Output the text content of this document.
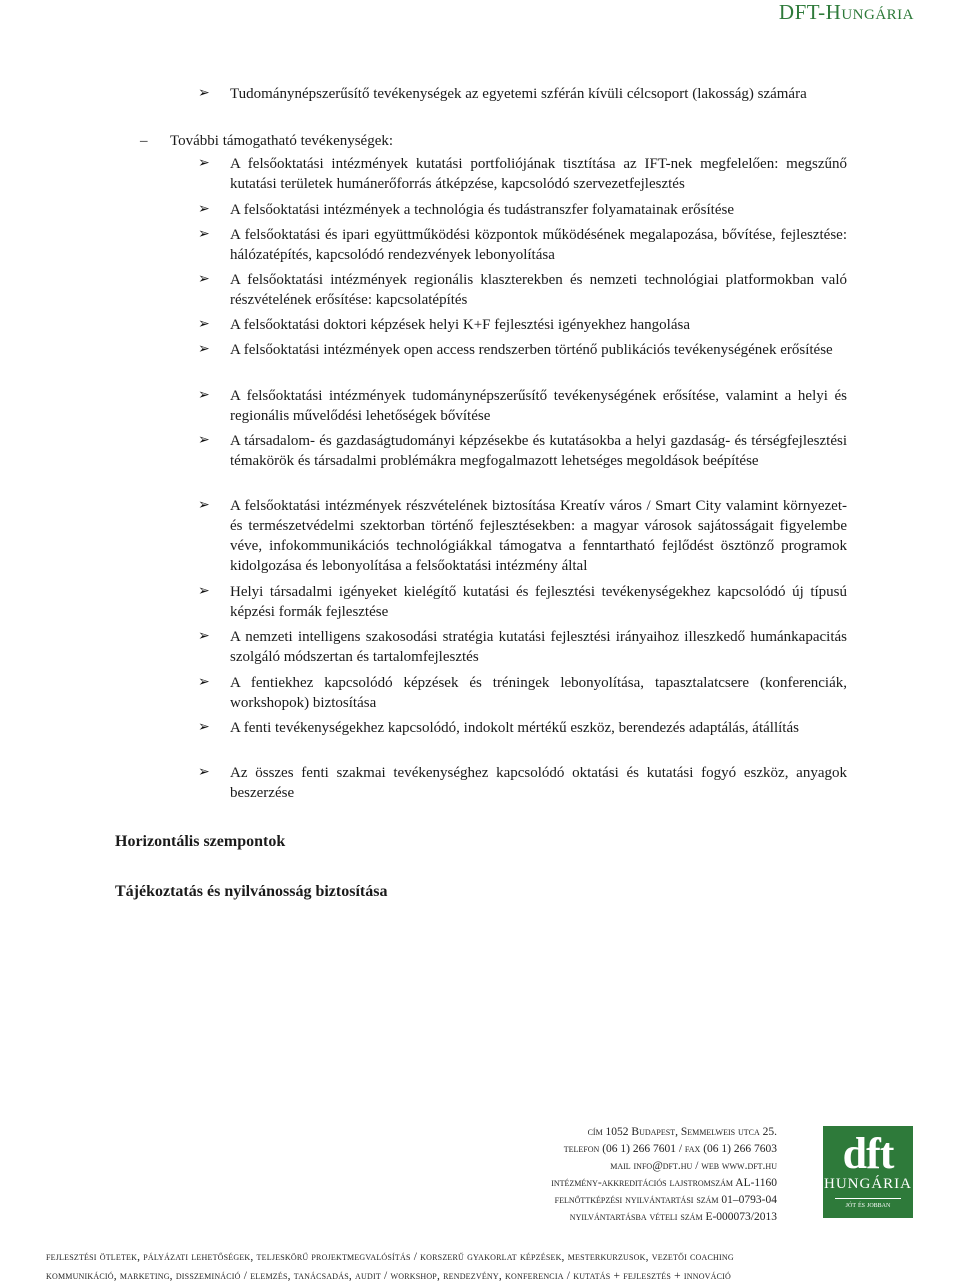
DFT-Hungária
➢ Tudománynépszerűsítő tevékenységek az egyetemi szférán kívüli célcsoport (lakosság) számára
– További támogatható tevékenységek:
➢ A felsőoktatási intézmények kutatási portfoliójának tisztítása az IFT-nek megfelelően: megszűnő kutatási területek humánerőforrás átképzése, kapcsolódó szervezetfejlesztés
➢ A felsőoktatási intézmények a technológia és tudástranszfer folyamatainak erősítése
➢ A felsőoktatási és ipari együttműködési központok működésének megalapozása, bővítése, fejlesztése: hálózatépítés, kapcsolódó rendezvények lebonyolítása
➢ A felsőoktatási intézmények regionális klaszterekben és nemzeti technológiai platformokban való részvételének erősítése: kapcsolatépítés
➢ A felsőoktatási doktori képzések helyi K+F fejlesztési igényekhez hangolása
➢ A felsőoktatási intézmények open access rendszerben történő publikációs tevékenységének erősítése
➢ A felsőoktatási intézmények tudománynépszerűsítő tevékenységének erősítése, valamint a helyi és regionális művelődési lehetőségek bővítése
➢ A társadalom- és gazdaságtudományi képzésekbe és kutatásokba a helyi gazdaság- és térségfejlesztési témakörök és társadalmi problémákra megfogalmazott lehetséges megoldások beépítése
➢ A felsőoktatási intézmények részvételének biztosítása Kreatív város / Smart City valamint környezet- és természetvédelmi szektorban történő fejlesztésekben: a magyar városok sajátosságait figyelembe véve, infokommunikációs technológiákkal támogatva a fenntartható fejlődést ösztönző programok kidolgozása és lebonyolítása a felsőoktatási intézmény által
➢ Helyi társadalmi igényeket kielégítő kutatási és fejlesztési tevékenységekhez kapcsolódó új típusú képzési formák fejlesztése
➢ A nemzeti intelligens szakosodási stratégia kutatási fejlesztési irányaihoz illeszkedő humánkapacitás szolgáló módszertan és tartalomfejlesztés
➢ A fentiekhez kapcsolódó képzések és tréningek lebonyolítása, tapasztalatcsere (konferenciák, workshopok) biztosítása
➢ A fenti tevékenységekhez kapcsolódó, indokolt mértékű eszköz, berendezés adaptálás, átállítás
➢ Az összes fenti szakmai tevékenységhez kapcsolódó oktatási és kutatási fogyó eszköz, anyagok beszerzése
Horizontális szempontok
Tájékoztatás és nyilvánosság biztosítása
cím 1052 Budapest, Semmelweis utca 25.
telefon (06 1) 266 7601 / fax (06 1) 266 7603
mail info@dft.hu / web www.dft.hu
intézmény-akkreditációs lajstromszám AL-1160
felnőttképzési nyilvántartási szám 01–0793-04
nyilvántartásba vételi szám E-000073/2013
dft
HUNGÁRIA
jót és jobban
fejlesztési ötletek, pályázati lehetőségek, teljeskörű projektmegvalósítás / korszerű gyakorlat képzések, mesterkurzusok, vezetői coaching
kommunikáció, marketing, disszemináció / elemzés, tanácsadás, audit / workshop, rendezvény, konferencia / kutatás + fejlesztés + innováció
